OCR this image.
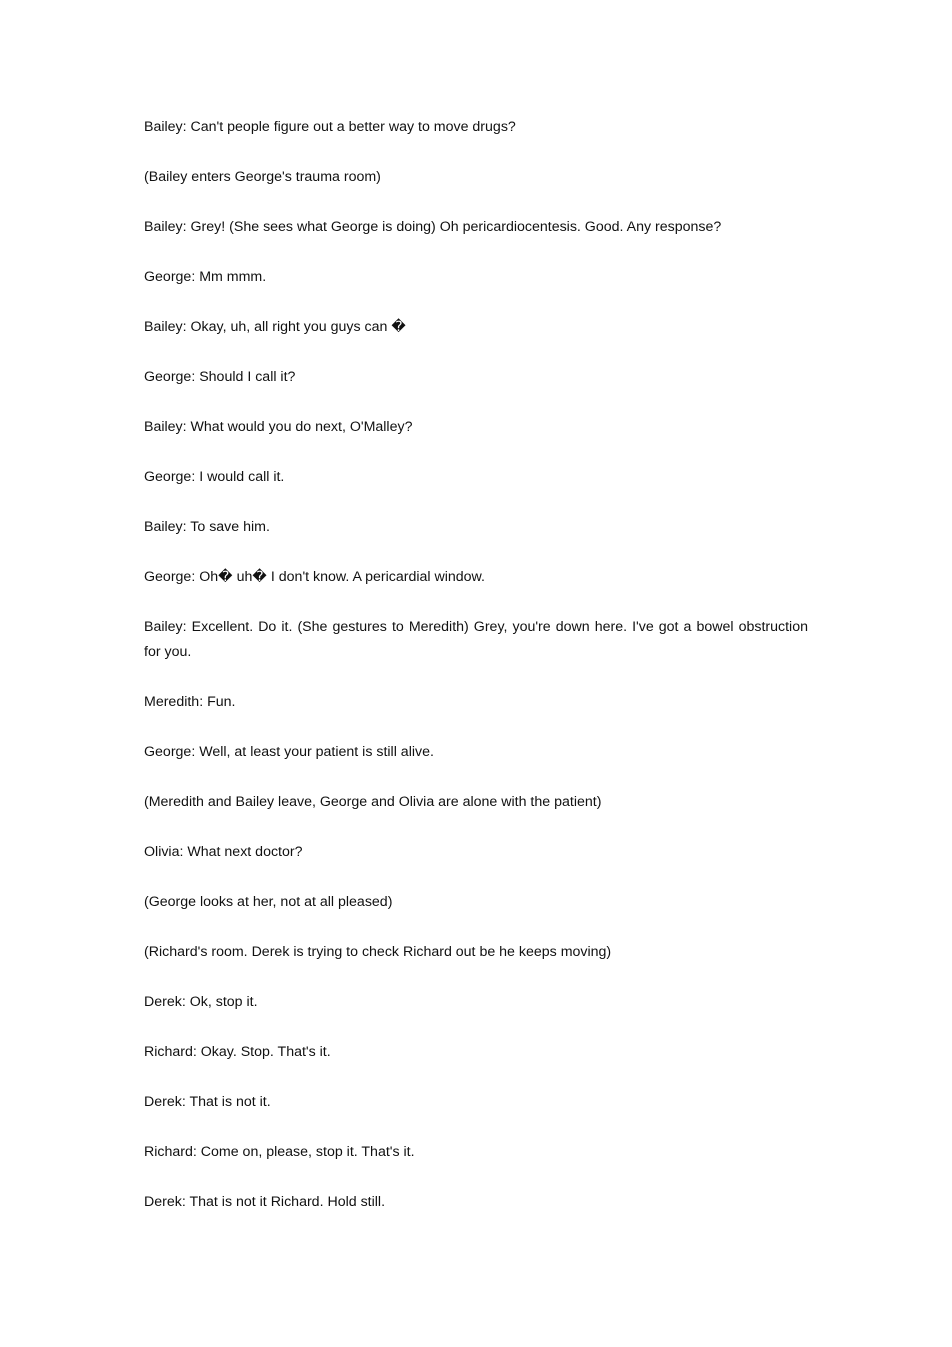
Bailey: Can't people figure out a better way to move drugs?

(Bailey enters George's trauma room)

Bailey: Grey! (She sees what George is doing) Oh pericardiocentesis. Good. Any response?

George: Mm mmm.

Bailey: Okay, uh, all right you guys can �

George: Should I call it?

Bailey: What would you do next, O'Malley?

George: I would call it.

Bailey: To save him.

George: Oh� uh� I don't know. A pericardial window.

Bailey: Excellent. Do it. (She gestures to Meredith) Grey, you're down here. I've got a bowel obstruction for you.

Meredith: Fun.

George: Well, at least your patient is still alive.

(Meredith and Bailey leave, George and Olivia are alone with the patient)

Olivia: What next doctor?

(George looks at her, not at all pleased)

(Richard's room. Derek is trying to check Richard out be he keeps moving)

Derek: Ok, stop it.

Richard: Okay. Stop. That's it.

Derek: That is not it.

Richard: Come on, please, stop it. That's it.

Derek: That is not it Richard. Hold still.
